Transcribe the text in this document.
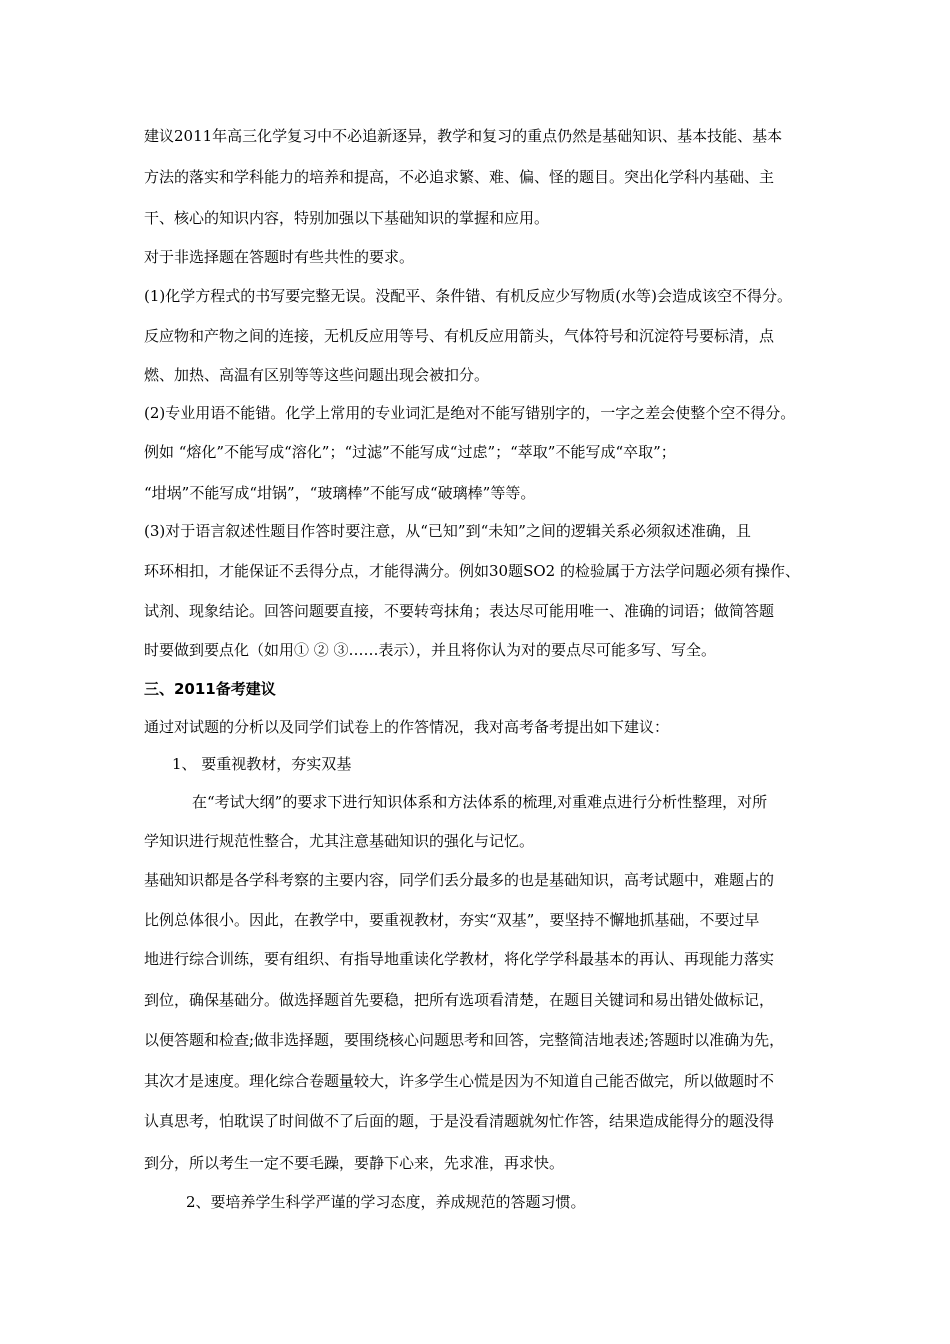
建议2011年高三化学复习中不必追新逐异，教学和复习的重点仍然是基础知识、基本技能、基本
方法的落实和学科能力的培养和提高，不必追求繁、难、偏、怪的题目。突出化学科内基础、主
干、核心的知识内容，特别加强以下基础知识的掌握和应用。
对于非选择题在答题时有些共性的要求。
(1)化学方程式的书写要完整无误。没配平、条件错、有机反应少写物质(水等)会造成该空不得分。
反应物和产物之间的连接，无机反应用等号、有机反应用箭头，气体符号和沉淀符号要标清，点
燃、加热、高温有区别等等这些问题出现会被扣分。
(2)专业用语不能错。化学上常用的专业词汇是绝对不能写错别字的，一字之差会使整个空不得分。
例如 “熔化”不能写成“溶化”；“过滤”不能写成“过虑”；“萃取”不能写成“卒取”；
“坩埚”不能写成“坩锅”，“玻璃棒”不能写成“破璃棒”等等。
(3)对于语言叙述性题目作答时要注意，从“已知”到“未知”之间的逻辑关系必须叙述准确，且
环环相扣，才能保证不丢得分点，才能得满分。例如30题SO2 的检验属于方法学问题必须有操作、
试剂、现象结论。回答问题要直接，不要转弯抹角；表达尽可能用唯一、准确的词语；做简答题
时要做到要点化（如用① ② ③……表示），并且将你认为对的要点尽可能多写、写全。
三、2011备考建议
通过对试题的分析以及同学们试卷上的作答情况，我对高考备考提出如下建议：
1、 要重视教材，夯实双基
在“考试大纲”的要求下进行知识体系和方法体系的梳理,对重难点进行分析性整理，对所
学知识进行规范性整合，尤其注意基础知识的强化与记忆。
基础知识都是各学科考察的主要内容，同学们丢分最多的也是基础知识，高考试题中，难题占的
比例总体很小。因此，在教学中，要重视教材，夯实“双基”，要坚持不懈地抓基础，不要过早
地进行综合训练，要有组织、有指导地重读化学教材，将化学学科最基本的再认、再现能力落实
到位，确保基础分。做选择题首先要稳，把所有选项看清楚，在题目关键词和易出错处做标记，
以便答题和检查;做非选择题，要围绕核心问题思考和回答，完整简洁地表述;答题时以准确为先，
其次才是速度。理化综合卷题量较大，许多学生心慌是因为不知道自己能否做完，所以做题时不
认真思考，怕耽误了时间做不了后面的题，于是没看清题就匆忙作答，结果造成能得分的题没得
到分，所以考生一定不要毛躁，要静下心来，先求准，再求快。
2、要培养学生科学严谨的学习态度，养成规范的答题习惯。
